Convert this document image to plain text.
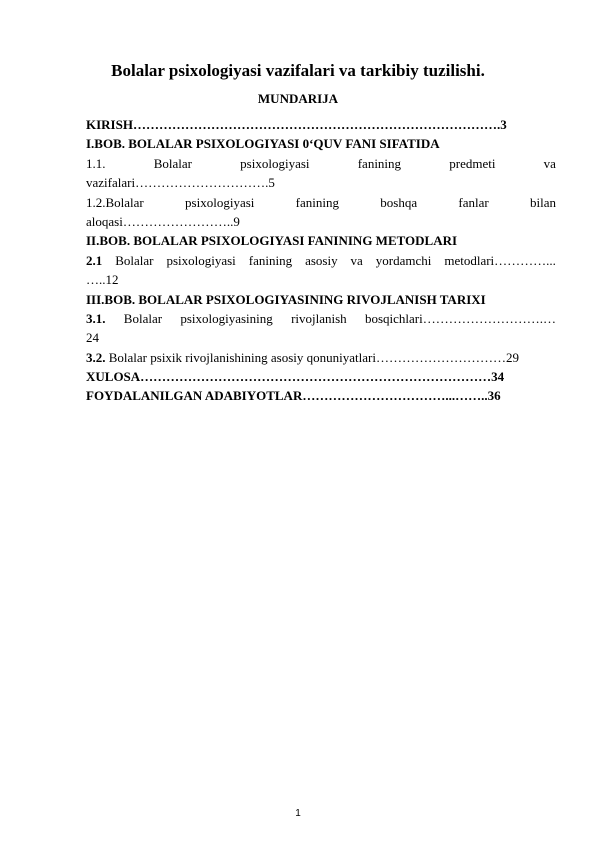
Bolalar psixologiyasi vazifalari va tarkibiy tuzilishi.
MUNDARIJA
KIRISH………………………………………………………………………….3
I.BOB. BOLALAR PSIXOLOGIYASI 0‘QUV FANI SIFATIDA
1.1.	Bolalar	psixologiyasi	fanining	predmeti	va
vazifalari………………………….5
1.2.Bolalar	psixologiyasi	fanining	boshqa	fanlar	bilan
aloqasi……………………..9
II.BOB. BOLALAR PSIXOLOGIYASI FANINING METODLARI
2.1 Bolalar psixologiyasi fanining asosiy va yordamchi metodlari…………...
…..12
III.BOB. BOLALAR PSIXOLOGIYASINING RIVOJLANISH TARIXI
3.1. Bolalar psixologiyasining rivojlanish bosqichlari……………………….…
24
3.2. Bolalar psixik rivojlanishining asosiy qonuniyatlari…………………………29
XULOSA………………………………………………………………………34
FOYDALANILGAN ADABIYOTLAR……………………………...……..36
1
